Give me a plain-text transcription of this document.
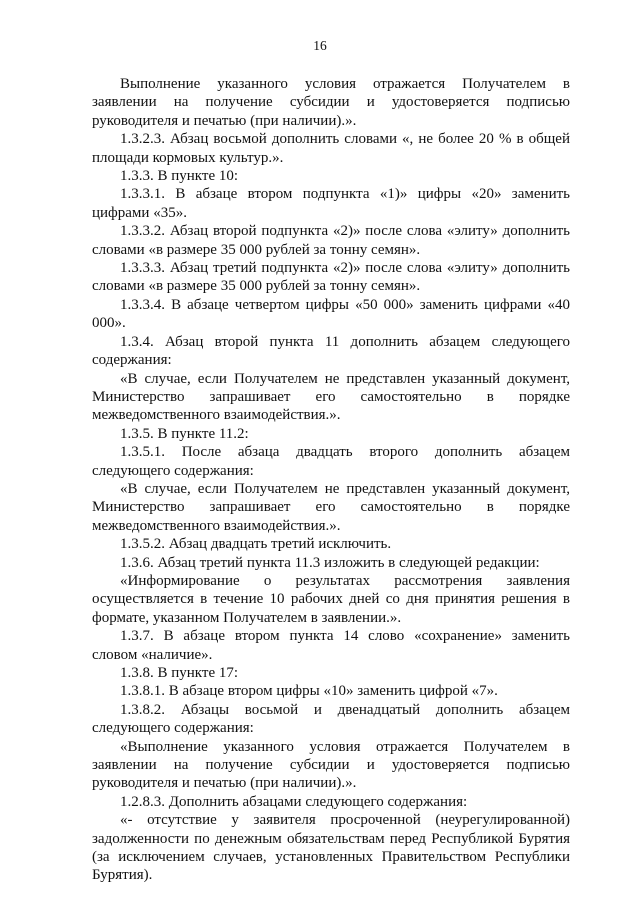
16

Выполнение указанного условия отражается Получателем в заявлении на получение субсидии и удостоверяется подписью руководителя и печатью (при наличии).».

1.3.2.3. Абзац восьмой дополнить словами «, не более 20 % в общей площади кормовых культур.».

1.3.3. В пункте 10:

1.3.3.1. В абзаце втором подпункта «1)» цифры «20» заменить цифрами «35».

1.3.3.2. Абзац второй подпункта «2)» после слова «элиту» дополнить словами «в размере 35 000 рублей за тонну семян».

1.3.3.3. Абзац третий подпункта «2)» после слова «элиту» дополнить словами «в размере 35 000 рублей за тонну семян».

1.3.3.4. В абзаце четвертом цифры «50 000» заменить цифрами «40 000».

1.3.4. Абзац второй пункта 11 дополнить абзацем следующего содержания:

«В случае, если Получателем не представлен указанный документ, Министерство запрашивает его самостоятельно в порядке межведомственного взаимодействия.».

1.3.5. В пункте 11.2:

1.3.5.1. После абзаца двадцать второго дополнить абзацем следующего содержания:

«В случае, если Получателем не представлен указанный документ, Министерство запрашивает его самостоятельно в порядке межведомственного взаимодействия.».

1.3.5.2. Абзац двадцать третий исключить.

1.3.6. Абзац третий пункта 11.3 изложить в следующей редакции:

«Информирование о результатах рассмотрения заявления осуществляется в течение 10 рабочих дней со дня принятия решения в формате, указанном Получателем в заявлении.».

1.3.7. В абзаце втором пункта 14 слово «сохранение» заменить словом «наличие».

1.3.8. В пункте 17:

1.3.8.1. В абзаце втором цифры «10» заменить цифрой «7».

1.3.8.2. Абзацы восьмой и двенадцатый дополнить абзацем следующего содержания:

«Выполнение указанного условия отражается Получателем в заявлении на получение субсидии и удостоверяется подписью руководителя и печатью (при наличии).».

1.2.8.3. Дополнить абзацами следующего содержания:

«- отсутствие у заявителя просроченной (неурегулированной) задолженности по денежным обязательствам перед Республикой Бурятия (за исключением случаев, установленных Правительством Республики Бурятия).
